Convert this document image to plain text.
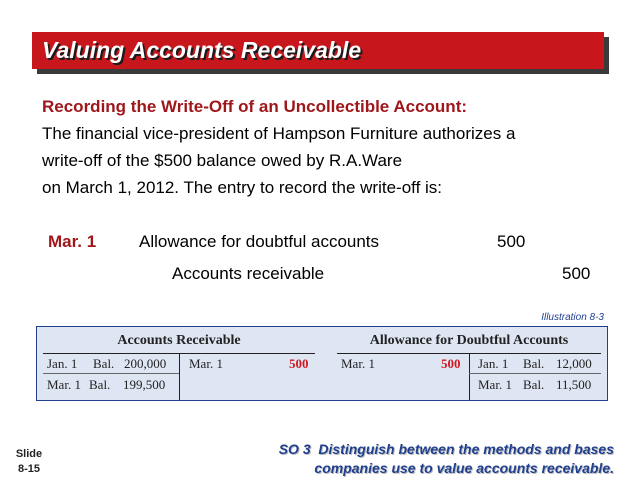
Valuing Accounts Receivable
Recording the Write-Off of an Uncollectible Account:
The financial vice-president of Hampson Furniture authorizes a
write-off of the $500 balance owed by R.A.Ware
on March 1, 2012. The entry to record the write-off is:
Mar. 1	Allowance for doubtful accounts	500
Accounts receivable	500
Illustration 8-3
Accounts Receivable
Jan. 1 Bal. 200,000
Mar. 1 Bal. 199,500
Mar. 1	500
Allowance for Doubtful Accounts
Mar. 1	500 Jan. 1 Bal. 12,000
Mar. 1 Bal. 11,500
Slide
8-15
SO 3  Distinguish between the methods and bases
companies use to value accounts receivable.
